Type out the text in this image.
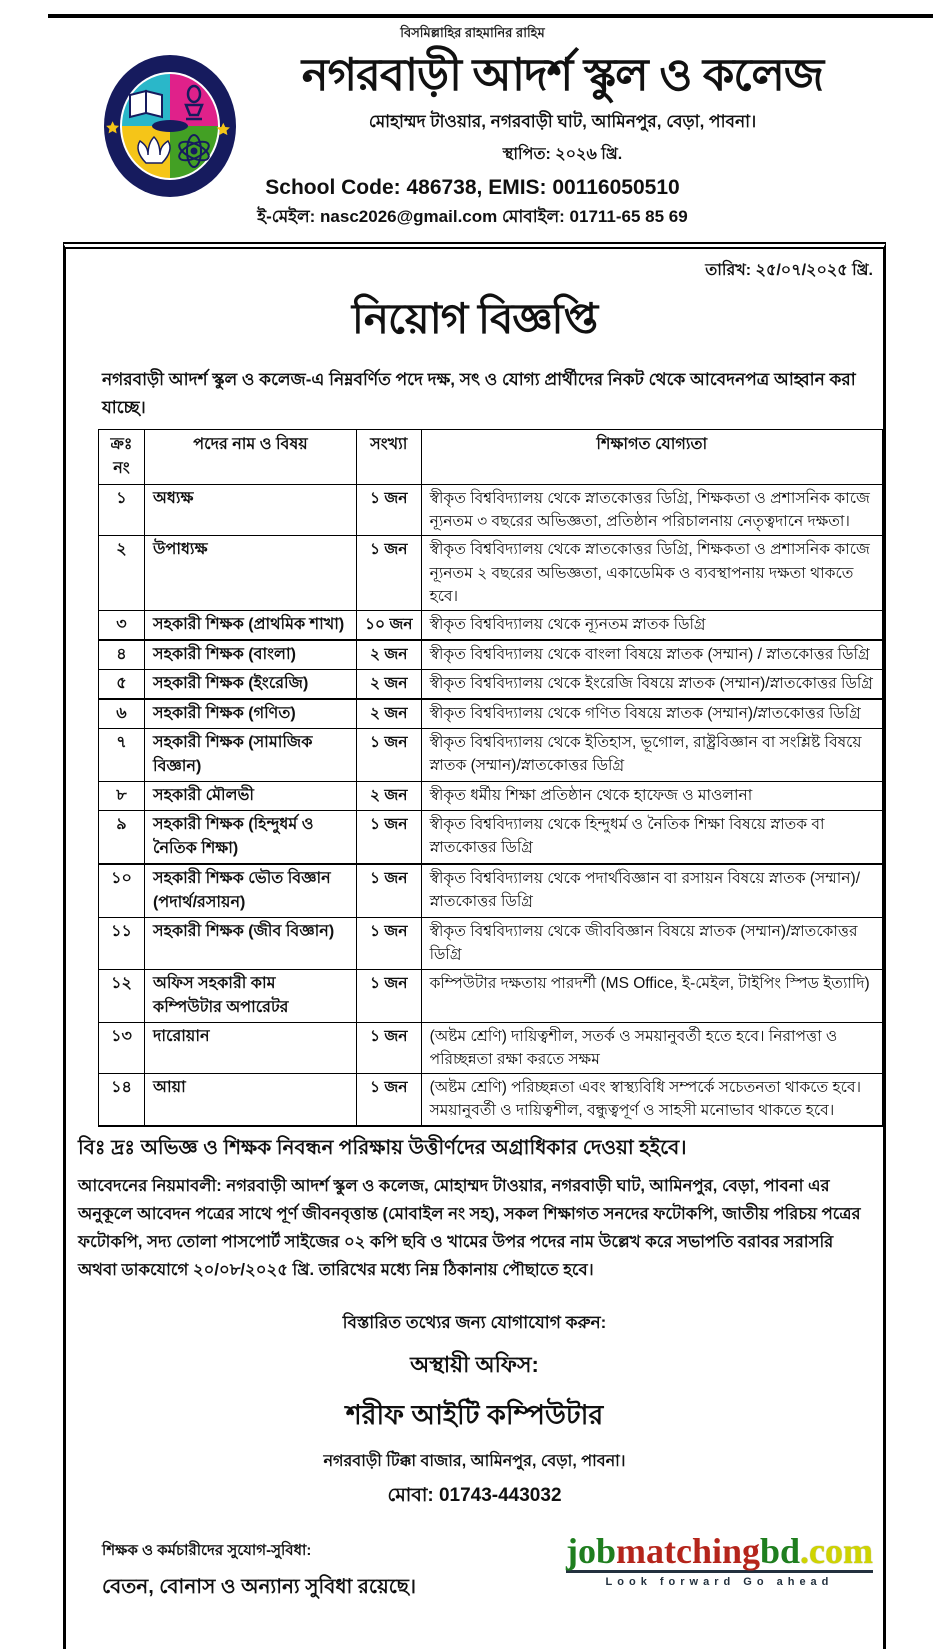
বিসমিল্লাহির রাহমানির রাহিম
নগরবাড়ী আদর্শ স্কুল ও কলেজ
মোহাম্মদ টাওয়ার, নগরবাড়ী ঘাট, আমিনপুর, বেড়া, পাবনা।
স্থাপিত: ২০২৬ খ্রি.
School Code: 486738, EMIS: 00116050510
ই-মেইল: nasc2026@gmail.com মোবাইল: 01711-65 85 69
তারিখ: ২৫/০৭/২০২৫ খ্রি.
নিয়োগ বিজ্ঞপ্তি
নগরবাড়ী আদর্শ স্কুল ও কলেজ-এ নিম্নবর্ণিত পদে দক্ষ, সৎ ও যোগ্য প্রার্থীদের নিকট থেকে আবেদনপত্র আহ্বান করা যাচ্ছে।
ক্রঃ নং	পদের নাম ও বিষয়	সংখ্যা	শিক্ষাগত যোগ্যতা
১	অধ্যক্ষ	১ জন	স্বীকৃত বিশ্ববিদ্যালয় থেকে স্নাতকোত্তর ডিগ্রি, শিক্ষকতা ও প্রশাসনিক কাজে ন্যূনতম ৩ বছরের অভিজ্ঞতা, প্রতিষ্ঠান পরিচালনায় নেতৃত্বদানে দক্ষতা।
২	উপাধ্যক্ষ	১ জন	স্বীকৃত বিশ্ববিদ্যালয় থেকে স্নাতকোত্তর ডিগ্রি, শিক্ষকতা ও প্রশাসনিক কাজে ন্যূনতম ২ বছরের অভিজ্ঞতা, একাডেমিক ও ব্যবস্থাপনায় দক্ষতা থাকতে হবে।
৩	সহকারী শিক্ষক (প্রাথমিক শাখা)	১০ জন	স্বীকৃত বিশ্ববিদ্যালয় থেকে ন্যূনতম স্নাতক ডিগ্রি
৪	সহকারী শিক্ষক (বাংলা)	২ জন	স্বীকৃত বিশ্ববিদ্যালয় থেকে বাংলা বিষয়ে স্নাতক (সম্মান) / স্নাতকোত্তর ডিগ্রি
৫	সহকারী শিক্ষক (ইংরেজি)	২ জন	স্বীকৃত বিশ্ববিদ্যালয় থেকে ইংরেজি বিষয়ে স্নাতক (সম্মান)/স্নাতকোত্তর ডিগ্রি
৬	সহকারী শিক্ষক (গণিত)	২ জন	স্বীকৃত বিশ্ববিদ্যালয় থেকে গণিত বিষয়ে স্নাতক (সম্মান)/স্নাতকোত্তর ডিগ্রি
৭	সহকারী শিক্ষক (সামাজিক বিজ্ঞান)	১ জন	স্বীকৃত বিশ্ববিদ্যালয় থেকে ইতিহাস, ভূগোল, রাষ্ট্রবিজ্ঞান বা সংশ্লিষ্ট বিষয়ে স্নাতক (সম্মান)/স্নাতকোত্তর ডিগ্রি
৮	সহকারী মৌলভী	২ জন	স্বীকৃত ধর্মীয় শিক্ষা প্রতিষ্ঠান থেকে হাফেজ ও মাওলানা
৯	সহকারী শিক্ষক (হিন্দুধর্ম ও নৈতিক শিক্ষা)	১ জন	স্বীকৃত বিশ্ববিদ্যালয় থেকে হিন্দুধর্ম ও নৈতিক শিক্ষা বিষয়ে স্নাতক বা স্নাতকোত্তর ডিগ্রি
১০	সহকারী শিক্ষক ভৌত বিজ্ঞান (পদার্থ/রসায়ন)	১ জন	স্বীকৃত বিশ্ববিদ্যালয় থেকে পদার্থবিজ্ঞান বা রসায়ন বিষয়ে স্নাতক (সম্মান)/স্নাতকোত্তর ডিগ্রি
১১	সহকারী শিক্ষক (জীব বিজ্ঞান)	১ জন	স্বীকৃত বিশ্ববিদ্যালয় থেকে জীববিজ্ঞান বিষয়ে স্নাতক (সম্মান)/স্নাতকোত্তর ডিগ্রি
১২	অফিস সহকারী কাম কম্পিউটার অপারেটর	১ জন	কম্পিউটার দক্ষতায় পারদর্শী (MS Office, ই-মেইল, টাইপিং স্পিড ইত্যাদি)
১৩	দারোয়ান	১ জন	(অষ্টম শ্রেণি) দায়িত্বশীল, সতর্ক ও সময়ানুবর্তী হতে হবে। নিরাপত্তা ও পরিচ্ছন্নতা রক্ষা করতে সক্ষম
১৪	আয়া	১ জন	(অষ্টম শ্রেণি) পরিচ্ছন্নতা এবং স্বাস্থ্যবিধি সম্পর্কে সচেতনতা থাকতে হবে। সময়ানুবর্তী ও দায়িত্বশীল, বন্ধুত্বপূর্ণ ও সাহসী মনোভাব থাকতে হবে।
বিঃ দ্রঃ অভিজ্ঞ ও শিক্ষক নিবন্ধন পরিক্ষায় উত্তীর্ণদের অগ্রাধিকার দেওয়া হইবে।
আবেদনের নিয়মাবলী: নগরবাড়ী আদর্শ স্কুল ও কলেজ, মোহাম্মদ টাওয়ার, নগরবাড়ী ঘাট, আমিনপুর, বেড়া, পাবনা এর অনুকূলে আবেদন পত্রের সাথে পূর্ণ জীবনবৃত্তান্ত (মোবাইল নং সহ), সকল শিক্ষাগত সনদের ফটোকপি, জাতীয় পরিচয় পত্রের ফটোকপি, সদ্য তোলা পাসপোর্ট সাইজের ০২ কপি ছবি ও খামের উপর পদের নাম উল্লেখ করে সভাপতি বরাবর সরাসরি অথবা ডাকযোগে ২০/০৮/২০২৫ খ্রি. তারিখের মধ্যে নিম্ন ঠিকানায় পৌছাতে হবে।
বিস্তারিত তথ্যের জন্য যোগাযোগ করুন:
অস্থায়ী অফিস:
শরীফ আইটি কম্পিউটার
নগরবাড়ী টিক্কা বাজার, আমিনপুর, বেড়া, পাবনা।
মোবা: 01743-443032
শিক্ষক ও কর্মচারীদের সুযোগ-সুবিধা:
বেতন, বোনাস ও অন্যান্য সুবিধা রয়েছে।
jobmatchingbd.com
Look forward Go ahead
